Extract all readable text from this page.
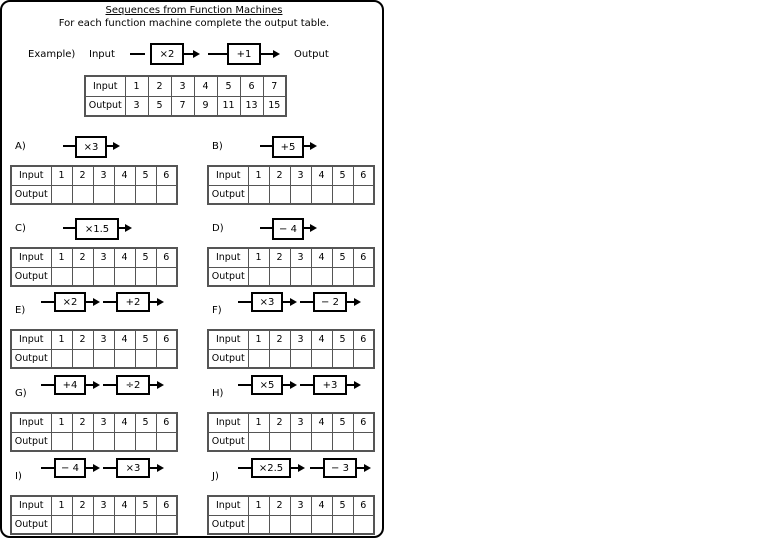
Sequences from Function Machines
For each function machine complete the output table.
Example) Input	×2	+1	Output
Input	1	2	3	4	5	6	7
Output	3	5	7	9	11	13	15
A)	×3
Input	1	2	3	4	5	6
Output						
B)	+5
Input	1	2	3	4	5	6
Output						
C)	×1.5
Input	1	2	3	4	5	6
Output						
D)	− 4
Input	1	2	3	4	5	6
Output						
E)
×2	+2
Input	1	2	3	4	5	6
Output						
F)
×3	− 2
Input	1	2	3	4	5	6
Output						
G)
+4	÷2
Input	1	2	3	4	5	6
Output						
H)
×5	+3
Input	1	2	3	4	5	6
Output						
I)
− 4	×3
Input	1	2	3	4	5	6
Output						
J)
×2.5	− 3
Input	1	2	3	4	5	6
Output						
